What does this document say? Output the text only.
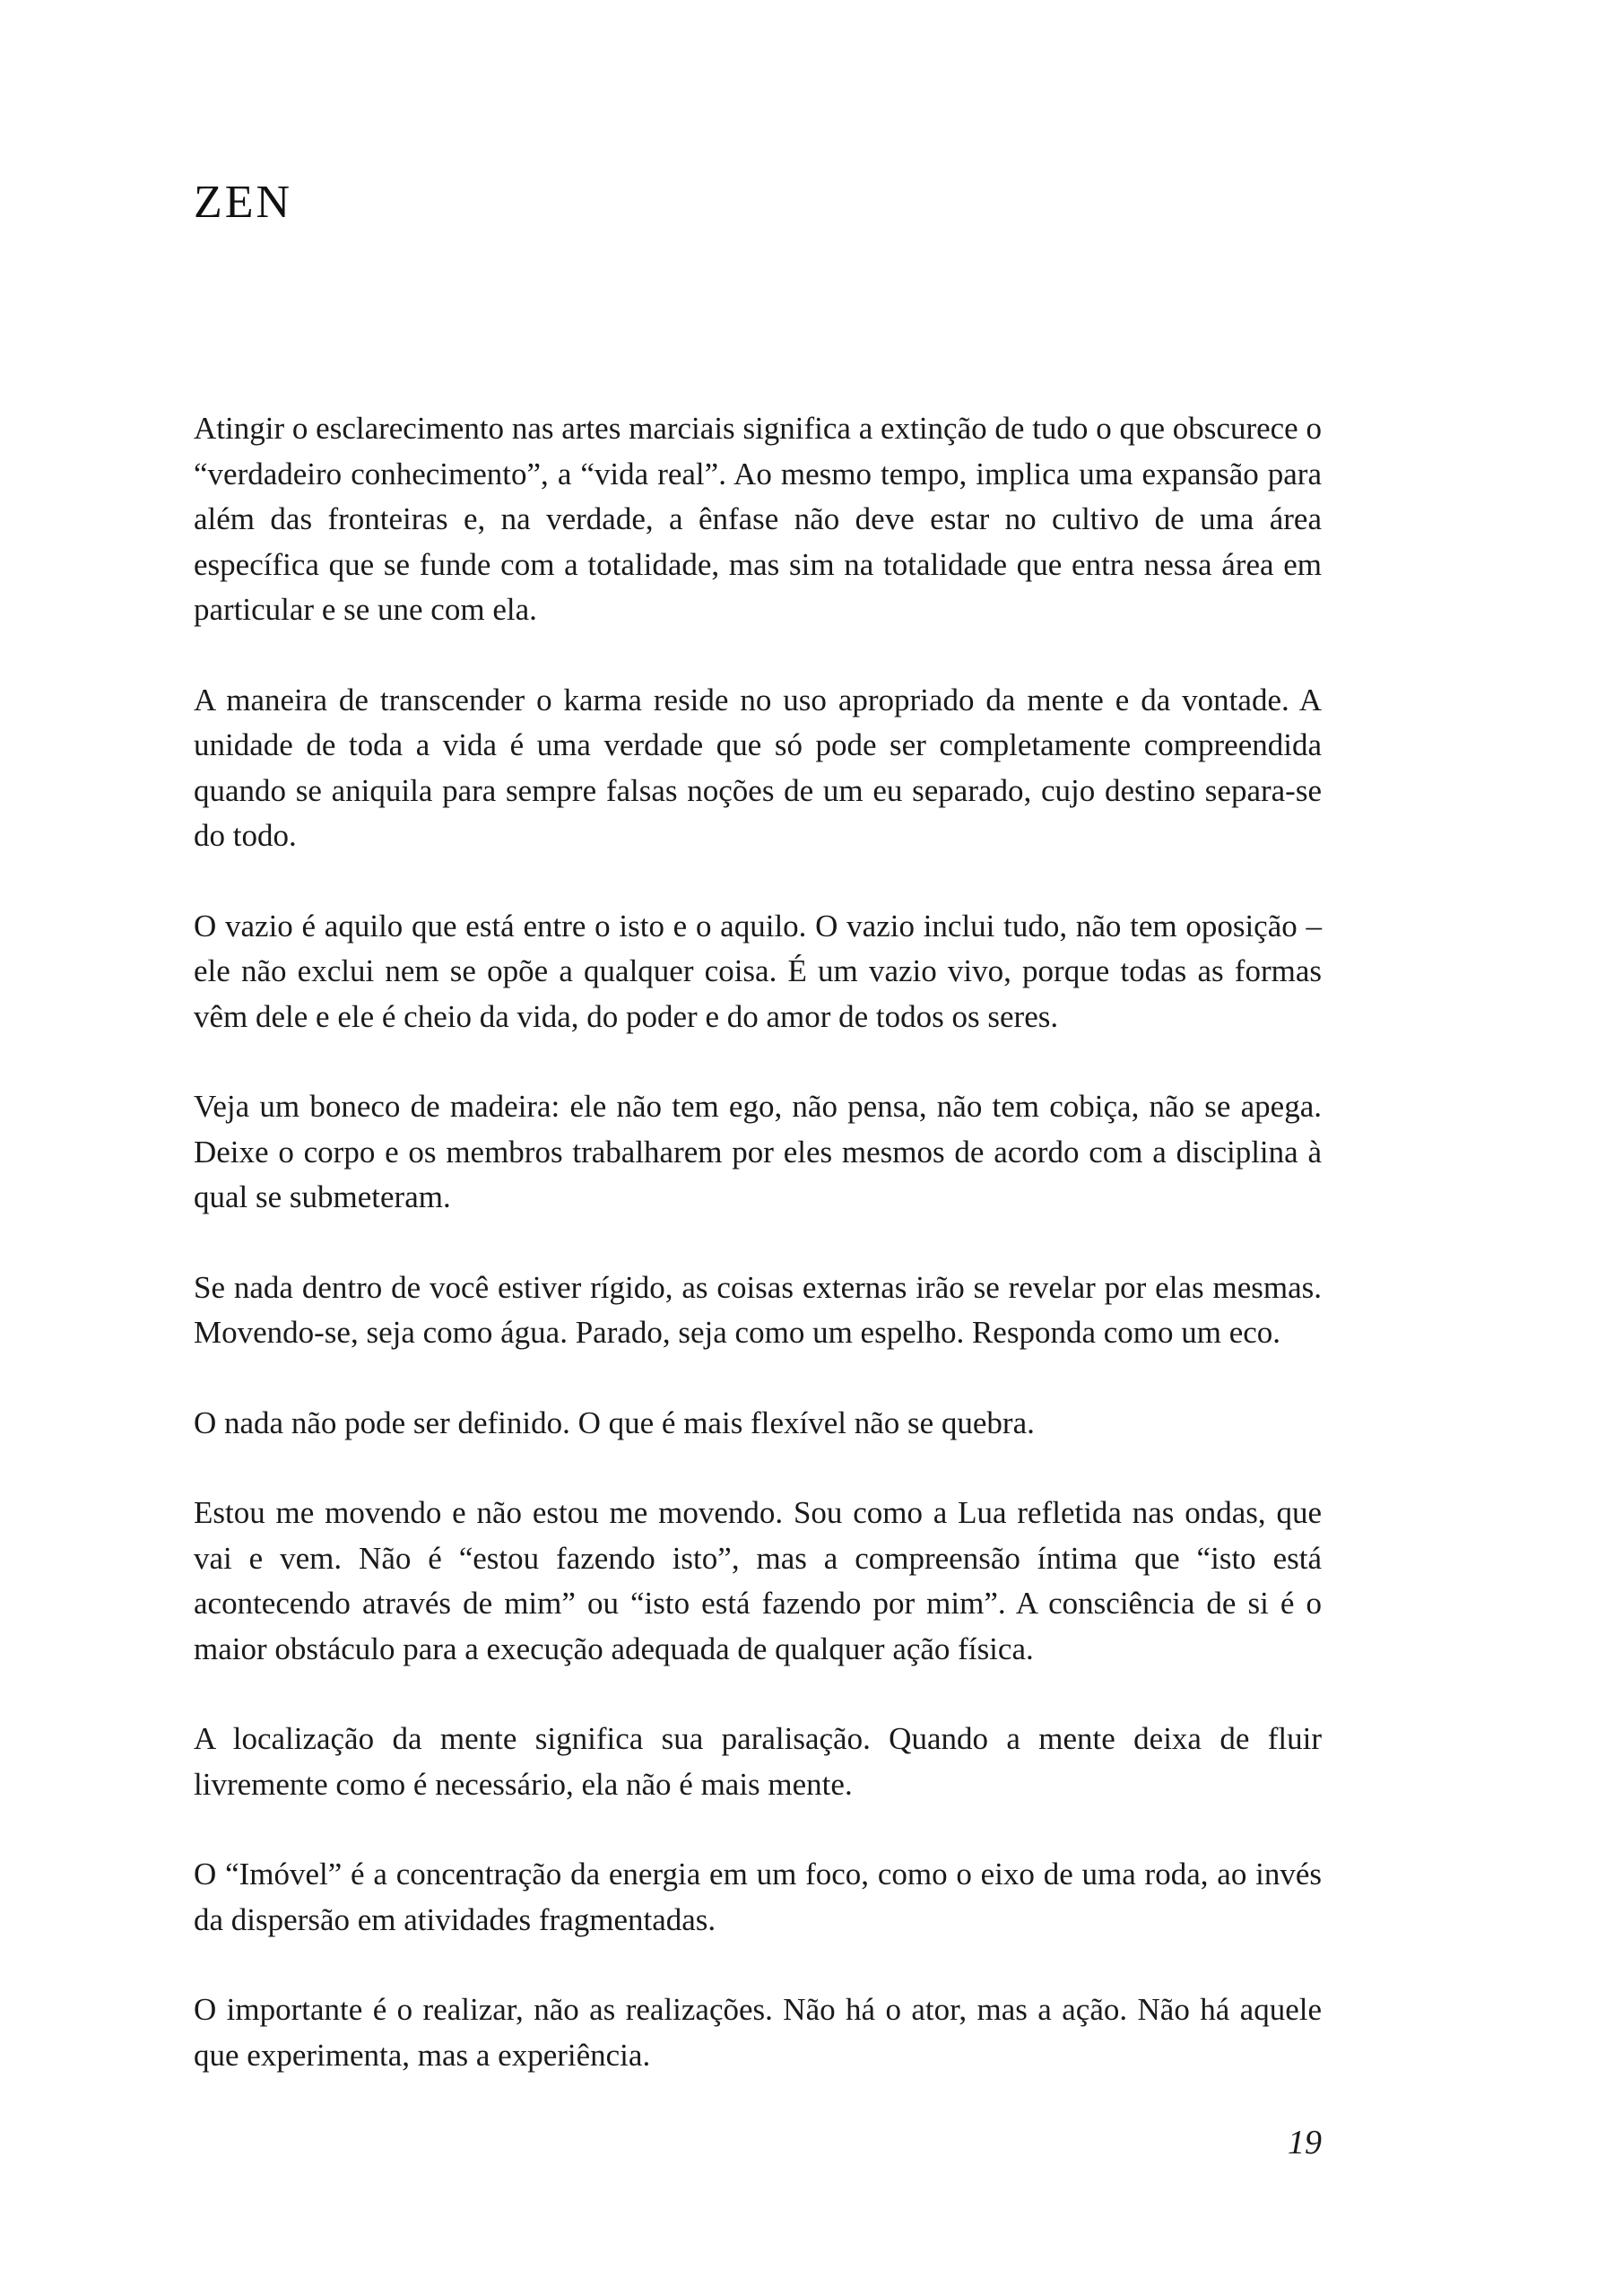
ZEN

Atingir o esclarecimento nas artes marciais significa a extinção de tudo o que obscurece o “verdadeiro conhecimento”, a “vida real”. Ao mesmo tempo, implica uma expansão para além das fronteiras e, na verdade, a ênfase não deve estar no cultivo de uma área específica que se funde com a totalidade, mas sim na totalidade que entra nessa área em particular e se une com ela.

A maneira de transcender o karma reside no uso apropriado da mente e da vontade. A unidade de toda a vida é uma verdade que só pode ser completamente compreendida quando se aniquila para sempre falsas noções de um eu separado, cujo destino separa-se do todo.

O vazio é aquilo que está entre o isto e o aquilo. O vazio inclui tudo, não tem oposição – ele não exclui nem se opõe a qualquer coisa. É um vazio vivo, porque todas as formas vêm dele e ele é cheio da vida, do poder e do amor de todos os seres.

Veja um boneco de madeira: ele não tem ego, não pensa, não tem cobiça, não se apega. Deixe o corpo e os membros trabalharem por eles mesmos de acordo com a disciplina à qual se submeteram.

Se nada dentro de você estiver rígido, as coisas externas irão se revelar por elas mesmas. Movendo-se, seja como água. Parado, seja como um espelho. Responda como um eco.

O nada não pode ser definido. O que é mais flexível não se quebra.

Estou me movendo e não estou me movendo. Sou como a Lua refletida nas ondas, que vai e vem. Não é “estou fazendo isto”, mas a compreensão íntima que “isto está acontecendo através de mim” ou “isto está fazendo por mim”. A consciência de si é o maior obstáculo para a execução adequada de qualquer ação física.

A localização da mente significa sua paralisação. Quando a mente deixa de fluir livremente como é necessário, ela não é mais mente.

O “Imóvel” é a concentração da energia em um foco, como o eixo de uma roda, ao invés da dispersão em atividades fragmentadas.

O importante é o realizar, não as realizações. Não há o ator, mas a ação. Não há aquele que experimenta, mas a experiência.

19
